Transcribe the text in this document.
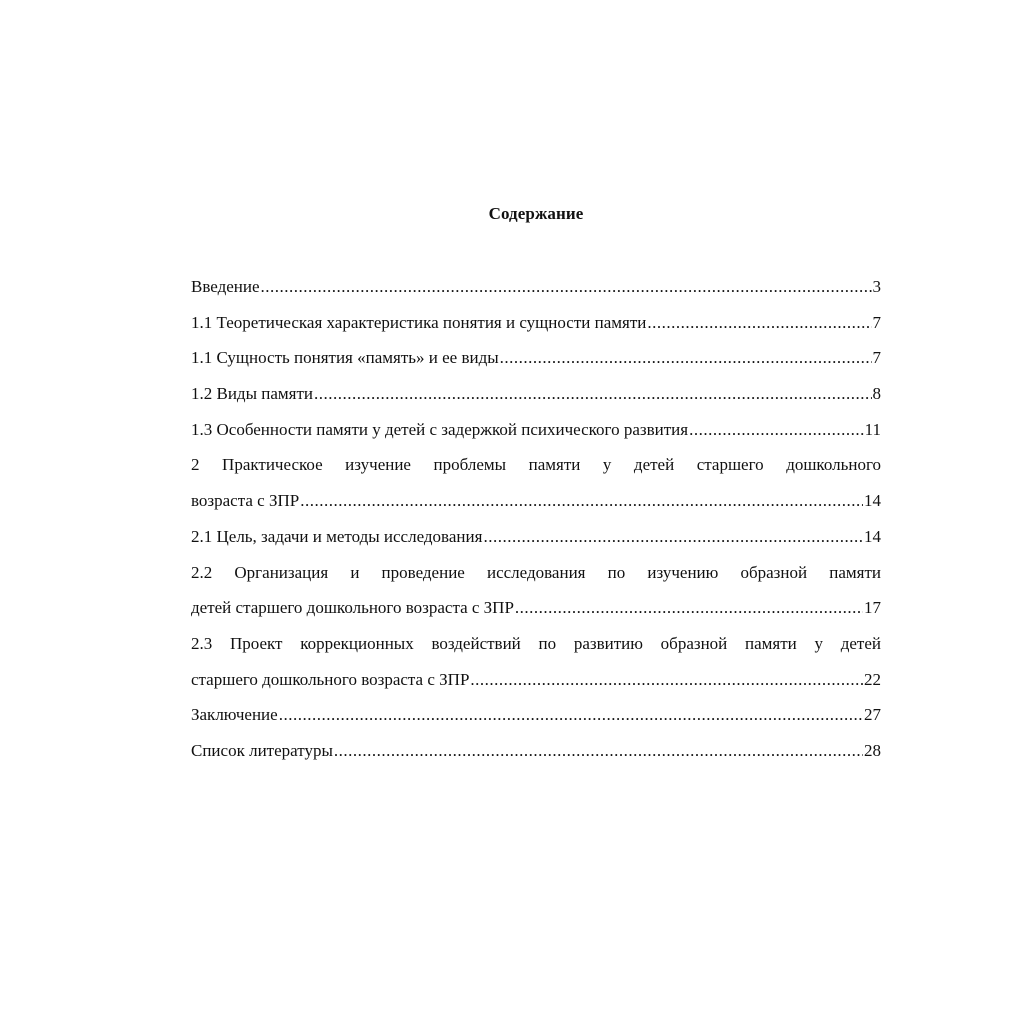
Содержание
Введение .....	3
1.1 Теоретическая характеристика понятия и сущности памяти .....	7
1.1 Сущность понятия «память» и ее виды .....	7
1.2 Виды памяти .....	8
1.3 Особенности памяти у детей с задержкой психического развития .....	11
2 Практическое изучение проблемы памяти у детей старшего дошкольного
возраста с ЗПР .....	14
2.1 Цель, задачи и методы исследования .....	14
2.2 Организация и проведение исследования по изучению образной памяти
детей старшего дошкольного возраста с ЗПР .....	17
2.3 Проект коррекционных воздействий по развитию образной памяти у детей
старшего дошкольного возраста с ЗПР .....	22
Заключение .....	27
Список литературы .....	28
